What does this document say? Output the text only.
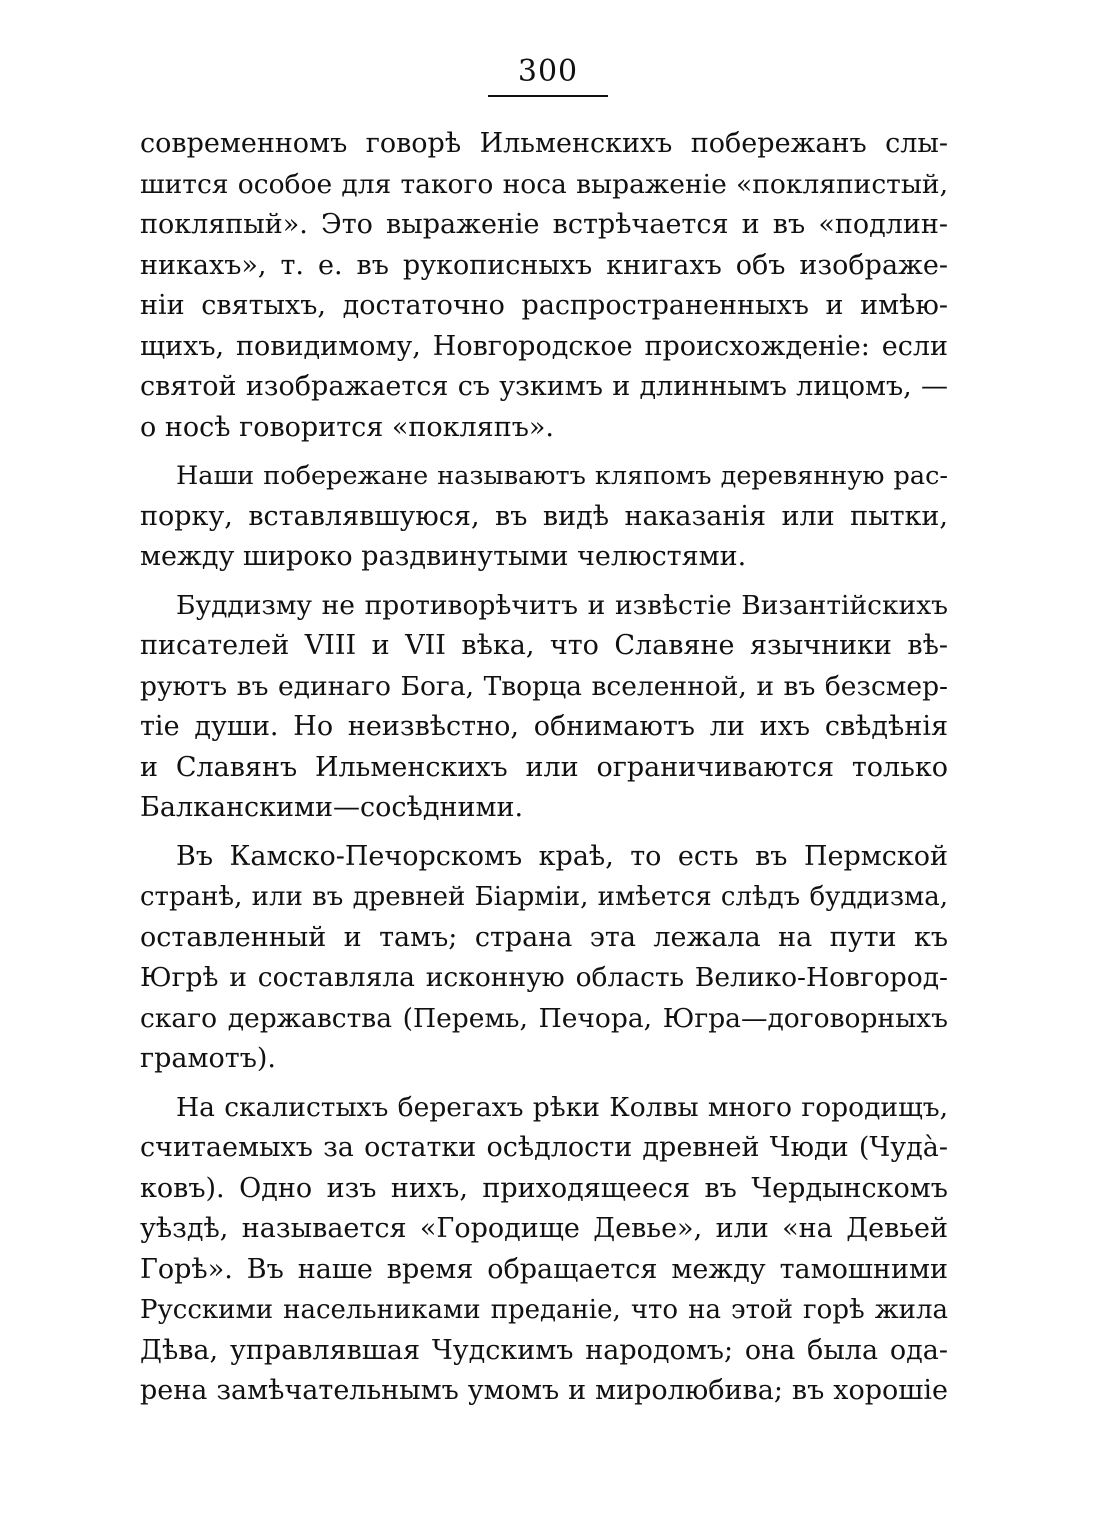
300
современномъ говорѣ Ильменскихъ побережанъ слы-
шится особое для такого носа выраженіе «покляпистый,
покляпый». Это выраженіе встрѣчается и въ «подлин-
никахъ», т. е. въ рукописныхъ книгахъ объ изображе-
ніи святыхъ, достаточно распространенныхъ и имѣю-
щихъ, повидимому, Новгородское происхожденіе: если
святой изображается съ узкимъ и длиннымъ лицомъ, —
о носѣ говорится «покляпъ».
Наши побережане называютъ кляпомъ деревянную рас-
порку, вставлявшуюся, въ видѣ наказанія или пытки,
между широко раздвинутыми челюстями.
Буддизму не противорѣчитъ и извѣстіе Византійскихъ
писателей VIII и VII вѣка, что Славяне язычники вѣ-
руютъ въ единаго Бога, Творца вселенной, и въ безсмер-
тіе души. Но неизвѣстно, обнимаютъ ли ихъ свѣдѣнія
и Славянъ Ильменскихъ или ограничиваются только
Балканскими—сосѣдними.
Въ Камско-Печорскомъ краѣ, то есть въ Пермской
странѣ, или въ древней Біармiи, имѣется слѣдъ буддизма,
оставленный и тамъ; страна эта лежала на пути къ
Югрѣ и составляла исконную область Велико-Новгород-
скаго державства (Перемь, Печора, Югра—договорныхъ
грамотъ).
На скалистыхъ берегахъ рѣки Колвы много городищъ,
считаемыхъ за остатки осѣдлости древней Чюди (Чудà-
ковъ). Одно изъ нихъ, приходящееся въ Чердынскомъ
уѣздѣ, называется «Городище Девье», или «на Девьей
Горѣ». Въ наше время обращается между тамошними
Русскими насельниками преданіе, что на этой горѣ жила
Дѣва, управлявшая Чудскимъ народомъ; она была ода-
рена замѣчательнымъ умомъ и миролюбива; въ хорошіе
